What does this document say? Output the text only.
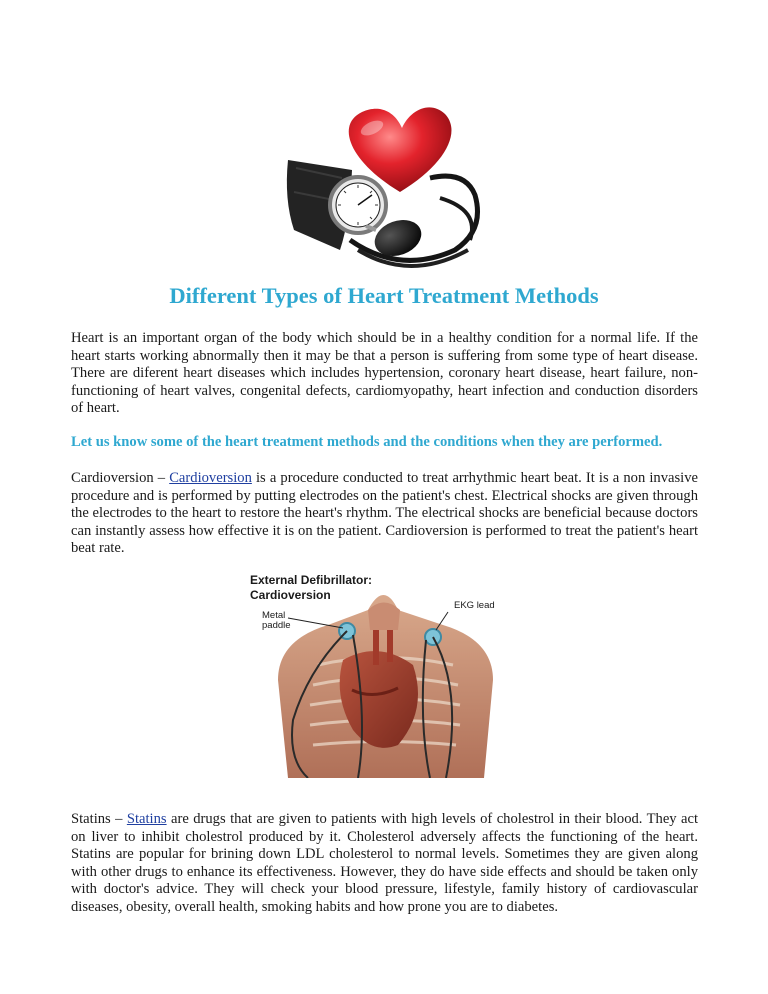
Different Types of Heart Treatment Methods

Heart is an important organ of the body which should be in a healthy condition for a normal life. If the heart starts working abnormally then it may be that a person is suffering from some type of heart disease. There are diferent heart diseases which includes hypertension, coronary heart disease, heart failure, non-functioning of heart valves, congenital defects, cardiomyopathy, heart infection and conduction disorders of heart.

Let us know some of the heart treatment methods and the conditions when they are performed.

Cardioversion – Cardioversion is a procedure conducted to treat arrhythmic heart beat. It is a non invasive procedure and is performed by putting electrodes on the patient's chest. Electrical shocks are given through the electrodes to the heart to restore the heart's rhythm. The electrical shocks are beneficial because doctors can instantly assess how effective it is on the patient. Cardioversion is performed to treat the patient's heart beat rate.

External Defibrillator:
Cardioversion
Metal
paddle
EKG lead

Statins – Statins are drugs that are given to patients with high levels of cholestrol in their blood. They act on liver to inhibit cholestrol produced by it. Cholesterol adversely affects the functioning of the heart. Statins are popular for brining down LDL cholesterol to normal levels. Sometimes they are given along with other drugs to enhance its effectiveness. However, they do have side effects and should be taken only with doctor's advice. They will check your blood pressure, lifestyle, family history of cardiovascular diseases, obesity, overall health, smoking habits and how prone you are to diabetes.
